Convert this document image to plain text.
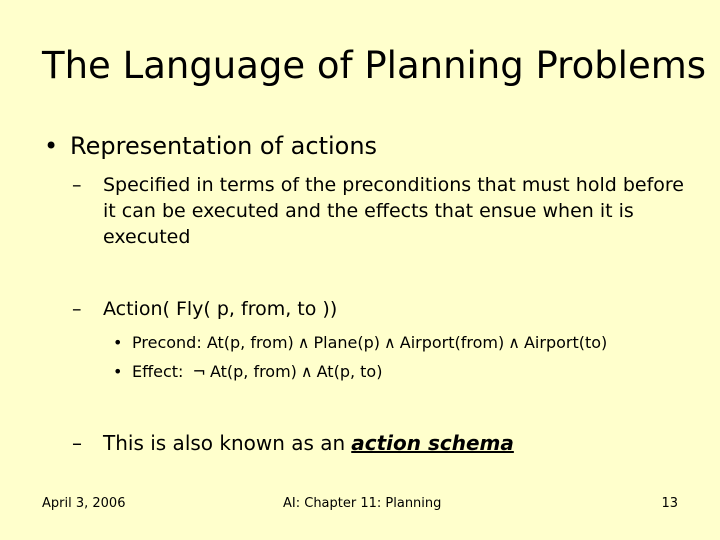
The Language of Planning Problems
• Representation of actions
– Specified in terms of the preconditions that must hold before it can be executed and the effects that ensue when it is executed
– Action( Fly( p, from, to ))
• Precond: At(p, from) ∧ Plane(p) ∧ Airport(from) ∧ Airport(to)
• Effect: ¬ At(p, from) ∧ At(p, to)
– This is also known as an action schema
April 3, 2006	AI: Chapter 11: Planning	13
